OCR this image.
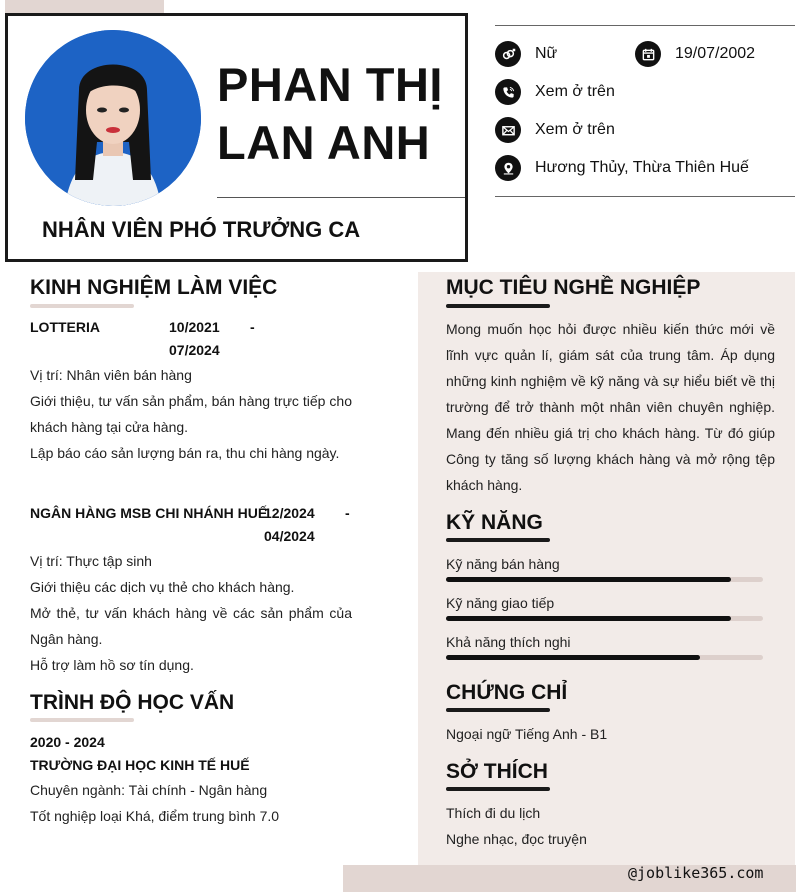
PHAN THỊ
LAN ANH
NHÂN VIÊN PHÓ TRƯỞNG CA
Nữ	19/07/2002
Xem ở trên
Xem ở trên
Hương Thủy, Thừa Thiên Huế
KINH NGHIỆM LÀM VIỆC
LOTTERIA	10/2021 -
07/2024
Vị trí: Nhân viên bán hàng
Giới thiệu, tư vấn sản phẩm, bán hàng trực tiếp cho khách hàng tại cửa hàng.
Lập báo cáo sản lượng bán ra, thu chi hàng ngày.
NGÂN HÀNG MSB CHI NHÁNH HUẾ
12/2024 -
04/2024
Vị trí: Thực tập sinh
Giới thiệu các dịch vụ thẻ cho khách hàng.
Mở thẻ, tư vấn khách hàng về các sản phẩm của Ngân hàng.
Hỗ trợ làm hồ sơ tín dụng.
TRÌNH ĐỘ HỌC VẤN
2020 - 2024
TRƯỜNG ĐẠI HỌC KINH TẾ HUẾ
Chuyên ngành: Tài chính - Ngân hàng
Tốt nghiệp loại Khá, điểm trung bình 7.0
MỤC TIÊU NGHỀ NGHIỆP
Mong muốn học hỏi được nhiều kiến thức mới về lĩnh vực quản lí, giám sát của trung tâm. Áp dụng những kinh nghiệm về kỹ năng và sự hiểu biết về thị trường để trở thành một nhân viên chuyên nghiệp. Mang đến nhiều giá trị cho khách hàng. Từ đó giúp Công ty tăng số lượng khách hàng và mở rộng tệp khách hàng.
KỸ NĂNG
Kỹ năng bán hàng
Kỹ năng giao tiếp
Khả năng thích nghi
CHỨNG CHỈ
Ngoại ngữ Tiếng Anh - B1
SỞ THÍCH
Thích đi du lịch
Nghe nhạc, đọc truyện
@joblike365.com
